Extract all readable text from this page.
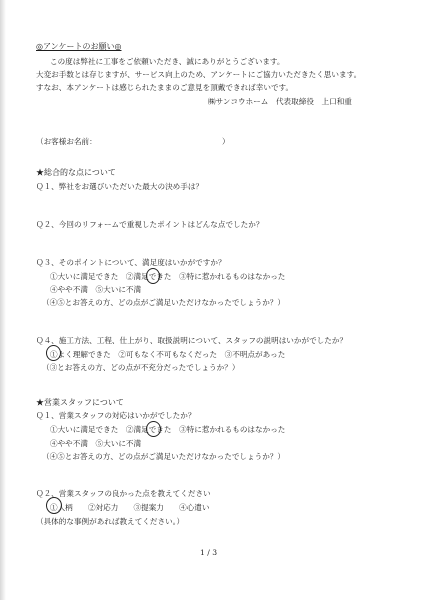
◎アンケートのお願い◎
この度は弊社に工事をご依頼いただき、誠にありがとうございます。
大変お手数とは存じますが、サービス向上のため、アンケートにご協力いただきたく思います。
すなお、本アンケートは感じられたままのご意見を頂戴できれば幸いです。
㈱サンコウホーム　代表取締役　上口和重
（お客様お名前：　　　　　　　　　　　　　　　　　）
★総合的な点について
Ｑ１、弊社をお選びいただいた最大の決め手は？
Ｑ２、今回のリフォームで重視したポイントはどんな点でしたか？
Ｑ３、そのポイントについて、満足度はいかがですか？
①大いに満足できた　②満足できた　③特に惹かれるものはなかった
④やや不満　⑤大いに不満
（④⑤とお答えの方、どの点がご満足いただけなかったでしょうか？）
Ｑ４、施工方法、工程、仕上がり、取扱説明について、スタッフの説明はいかがでしたか？
①よく理解できた　②可もなく不可もなくだった　③不明点があった
（③とお答えの方、どの点が不充分だったでしょうか？）
★営業スタッフについて
Ｑ１、営業スタッフの対応はいかがでしたか？
①大いに満足できた　②満足できた　③特に惹かれるものはなかった
④やや不満　⑤大いに不満
（④⑤とお答えの方、どの点がご満足いただけなかったでしょうか？）
Ｑ２、営業スタッフの良かった点を教えてください
①人柄　　②対応力　　③提案力　　④心遣い
（具体的な事例があれば教えてください。）
1 / 3
